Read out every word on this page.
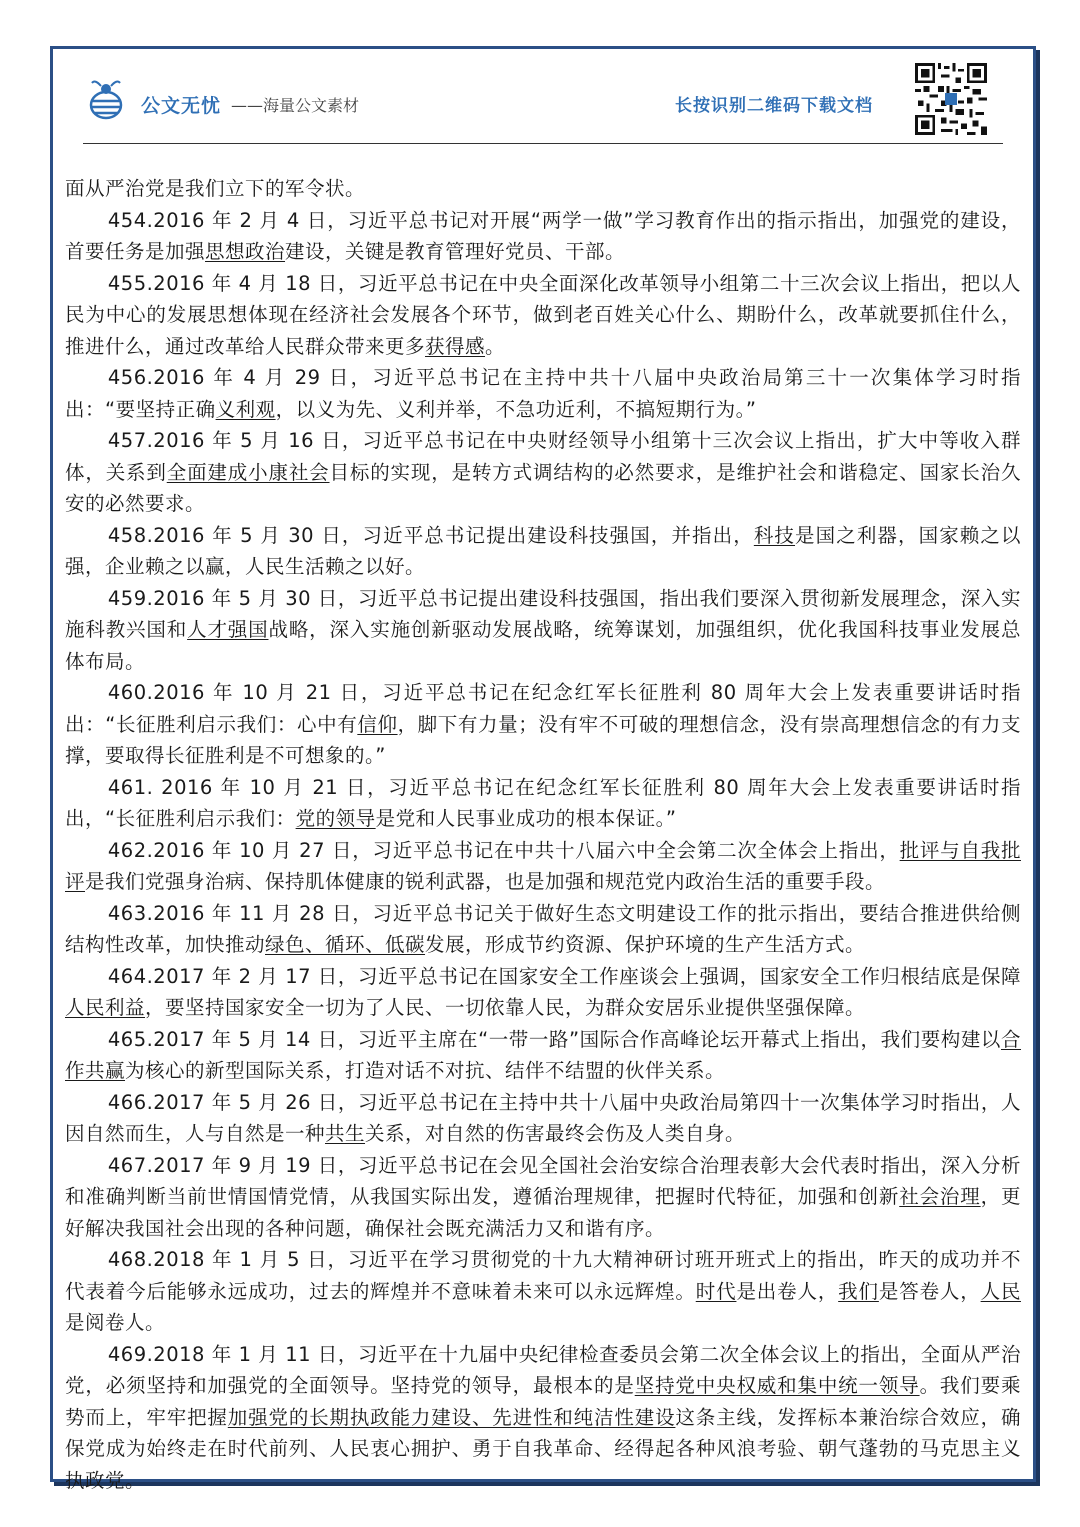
公文无忧 ——海量公文素材	长按识别二维码下载文档

面从严治党是我们立下的军令状。

454.2016 年 2 月 4 日，习近平总书记对开展“两学一做”学习教育作出的指示指出，加强党的建设，首要任务是加强思想政治建设，关键是教育管理好党员、干部。

455.2016 年 4 月 18 日，习近平总书记在中央全面深化改革领导小组第二十三次会议上指出，把以人民为中心的发展思想体现在经济社会发展各个环节，做到老百姓关心什么、期盼什么，改革就要抓住什么，推进什么，通过改革给人民群众带来更多获得感。

456.2016 年 4 月 29 日，习近平总书记在主持中共十八届中央政治局第三十一次集体学习时指出：“要坚持正确义利观，以义为先、义利并举，不急功近利，不搞短期行为。”

457.2016 年 5 月 16 日，习近平总书记在中央财经领导小组第十三次会议上指出，扩大中等收入群体，关系到全面建成小康社会目标的实现，是转方式调结构的必然要求，是维护社会和谐稳定、国家长治久安的必然要求。

458.2016 年 5 月 30 日，习近平总书记提出建设科技强国，并指出，科技是国之利器，国家赖之以强，企业赖之以赢，人民生活赖之以好。

459.2016 年 5 月 30 日，习近平总书记提出建设科技强国，指出我们要深入贯彻新发展理念，深入实施科教兴国和人才强国战略，深入实施创新驱动发展战略，统筹谋划，加强组织，优化我国科技事业发展总体布局。

460.2016 年 10 月 21 日，习近平总书记在纪念红军长征胜利 80 周年大会上发表重要讲话时指出：“长征胜利启示我们：心中有信仰，脚下有力量；没有牢不可破的理想信念，没有崇高理想信念的有力支撑，要取得长征胜利是不可想象的。”

461. 2016 年 10 月 21 日，习近平总书记在纪念红军长征胜利 80 周年大会上发表重要讲话时指出，“长征胜利启示我们：党的领导是党和人民事业成功的根本保证。”

462.2016 年 10 月 27 日，习近平总书记在中共十八届六中全会第二次全体会上指出，批评与自我批评是我们党强身治病、保持肌体健康的锐利武器，也是加强和规范党内政治生活的重要手段。

463.2016 年 11 月 28 日，习近平总书记关于做好生态文明建设工作的批示指出，要结合推进供给侧结构性改革，加快推动绿色、循环、低碳发展，形成节约资源、保护环境的生产生活方式。

464.2017 年 2 月 17 日，习近平总书记在国家安全工作座谈会上强调，国家安全工作归根结底是保障人民利益，要坚持国家安全一切为了人民、一切依靠人民，为群众安居乐业提供坚强保障。

465.2017 年 5 月 14 日，习近平主席在“一带一路”国际合作高峰论坛开幕式上指出，我们要构建以合作共赢为核心的新型国际关系，打造对话不对抗、结伴不结盟的伙伴关系。

466.2017 年 5 月 26 日，习近平总书记在主持中共十八届中央政治局第四十一次集体学习时指出，人因自然而生，人与自然是一种共生关系，对自然的伤害最终会伤及人类自身。

467.2017 年 9 月 19 日，习近平总书记在会见全国社会治安综合治理表彰大会代表时指出，深入分析和准确判断当前世情国情党情，从我国实际出发，遵循治理规律，把握时代特征，加强和创新社会治理，更好解决我国社会出现的各种问题，确保社会既充满活力又和谐有序。

468.2018 年 1 月 5 日，习近平在学习贯彻党的十九大精神研讨班开班式上的指出，昨天的成功并不代表着今后能够永远成功，过去的辉煌并不意味着未来可以永远辉煌。时代是出卷人，我们是答卷人，人民是阅卷人。

469.2018 年 1 月 11 日，习近平在十九届中央纪律检查委员会第二次全体会议上的指出，全面从严治党，必须坚持和加强党的全面领导。坚持党的领导，最根本的是坚持党中央权威和集中统一领导。我们要乘势而上，牢牢把握加强党的长期执政能力建设、先进性和纯洁性建设这条主线，发挥标本兼治综合效应，确保党成为始终走在时代前列、人民衷心拥护、勇于自我革命、经得起各种风浪考验、朝气蓬勃的马克思主义执政党。
